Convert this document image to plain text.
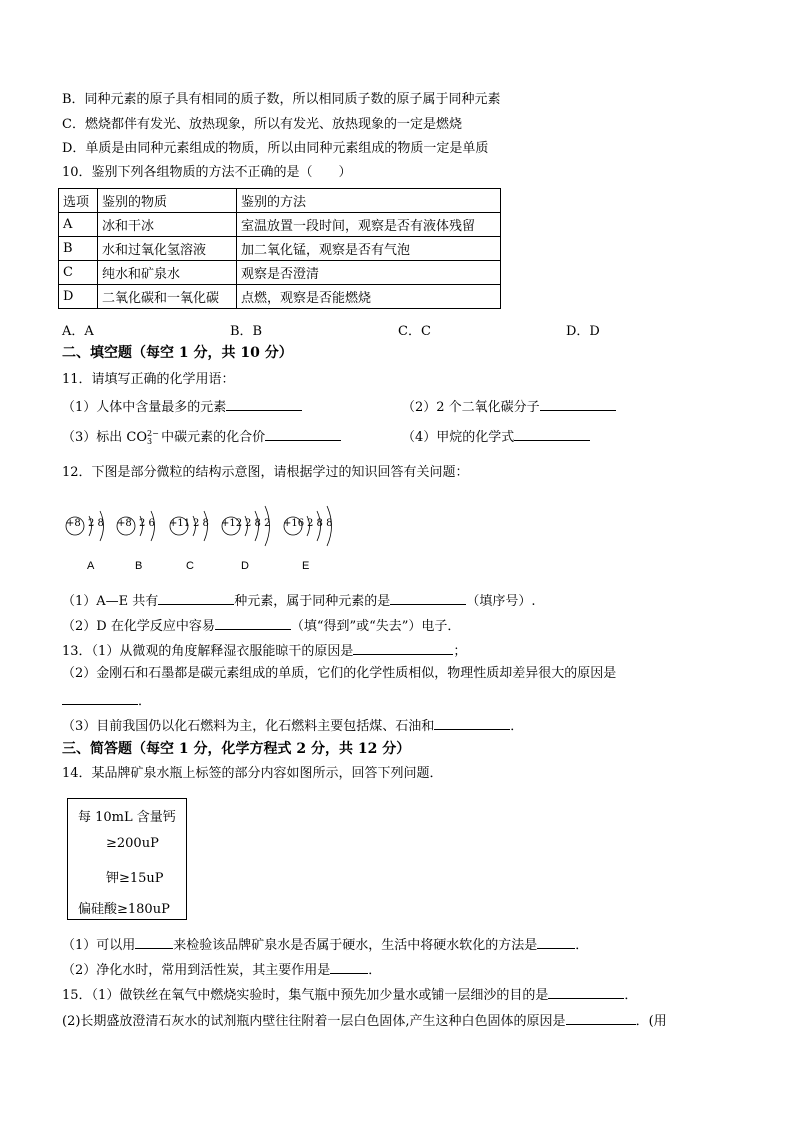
B．同种元素的原子具有相同的质子数，所以相同质子数的原子属于同种元素
C．燃烧都伴有发光、放热现象，所以有发光、放热现象的一定是燃烧
D．单质是由同种元素组成的物质，所以由同种元素组成的物质一定是单质
10．鉴别下列各组物质的方法不正确的是（　　）
选项	鉴别的物质	鉴别的方法
A	冰和干冰	室温放置一段时间，观察是否有液体残留
B	水和过氧化氢溶液	加二氧化锰，观察是否有气泡
C	纯水和矿泉水	观察是否澄清
D	二氧化碳和一氧化碳	点燃，观察是否能燃烧
A．A	B．B	C．C	D．D
二、填空题（每空 1 分，共 10 分）
11．请填写正确的化学用语：
（1）人体中含量最多的元素	（2）2 个二氧化碳分子
（3）标出 CO 2−
3 中碳元素的化合价	（4）甲烷的化学式
12．下图是部分微粒的结构示意图，请根据学过的知识回答有关问题：
+8 2 8 +8 2 6 +11 2 8 +12 2 8 2 +16 2 8 8
A	B	C	D	E
（1）A—E 共有	种元素，属于同种元素的是	（填序号）.
（2）D 在化学反应中容易	（填“得到”或“失去”）电子．
13．（1）从微观的角度解释湿衣服能晾干的原因是	；
（2）金刚石和石墨都是碳元素组成的单质，它们的化学性质相似，物理性质却差异很大的原因是
．
（3）目前我国仍以化石燃料为主，化石燃料主要包括煤、石油和	．
三、简答题（每空 1 分，化学方程式 2 分，共 12 分）
14．某品牌矿泉水瓶上标签的部分内容如图所示，回答下列问题．
每 10mL 含量钙
≥200uP
钾≥15uP
偏硅酸≥180uP
（1）可以用	来检验该品牌矿泉水是否属于硬水，生活中将硬水软化的方法是	．
（2）净化水时，常用到活性炭，其主要作用是	．
15．（1）做铁丝在氧气中燃烧实验时，集气瓶中预先加少量水或铺一层细沙的目的是	．
(2)长期盛放澄清石灰水的试剂瓶内壁往往附着一层白色固体,产生这种白色固体的原因是	．(用
